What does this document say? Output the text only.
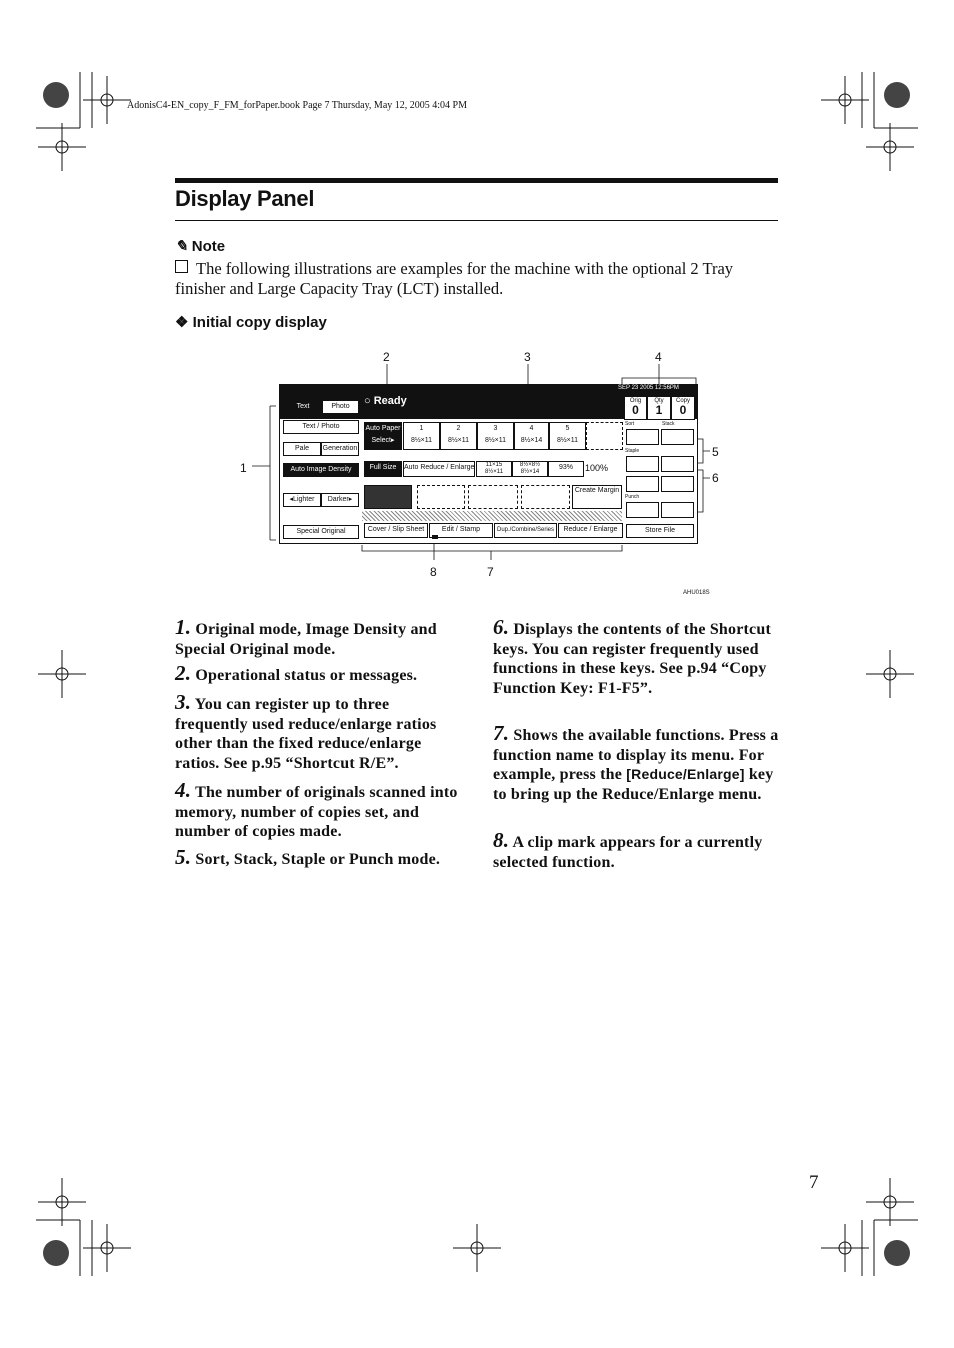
AdonisC4-EN_copy_F_FM_forPaper.book Page 7 Thursday, May 12, 2005 4:04 PM
Display Panel
✎ Note
The following illustrations are examples for the machine with the optional 2 Tray finisher and Large Capacity Tray (LCT) installed.
❖ Initial copy display
2	3	4
1
5
6
8	7
○ Ready
SEP 23 2005 12:56PM
Orig
0
Qty
1
Copy
0
Text	Photo
Text / Photo
Pale	Generation
Auto Image Density
◂Lighter	Darker▸
Special Original
Auto Paper Select▸
1
8½×11
2
8½×11
3
8½×11
4
8½×14
5
8½×11
Full Size	Auto Reduce / Enlarge	11×15 8½×11
8½×8½ 8½×14
93%	100%
Create Margin
Sort	Stack
Staple
Punch
Cover / Slip Sheet	Edit / Stamp	Dup./Combine/Series	Reduce / Enlarge	Store File
AHU018S
1. Original mode, Image Density and Special Original mode.
2. Operational status or messages.
3. You can register up to three frequently used reduce/enlarge ratios other than the fixed reduce/enlarge ratios. See p.95 “Shortcut R/E”.
4. The number of originals scanned into memory, number of copies set, and number of copies made.
5. Sort, Stack, Staple or Punch mode.
6. Displays the contents of the Shortcut keys. You can register frequently used functions in these keys. See p.94 “Copy Function Key: F1-F5”.
7. Shows the available functions. Press a function name to display its menu. For example, press the [Reduce/Enlarge] key to bring up the Reduce/Enlarge menu.
8. A clip mark appears for a currently selected function.
7
